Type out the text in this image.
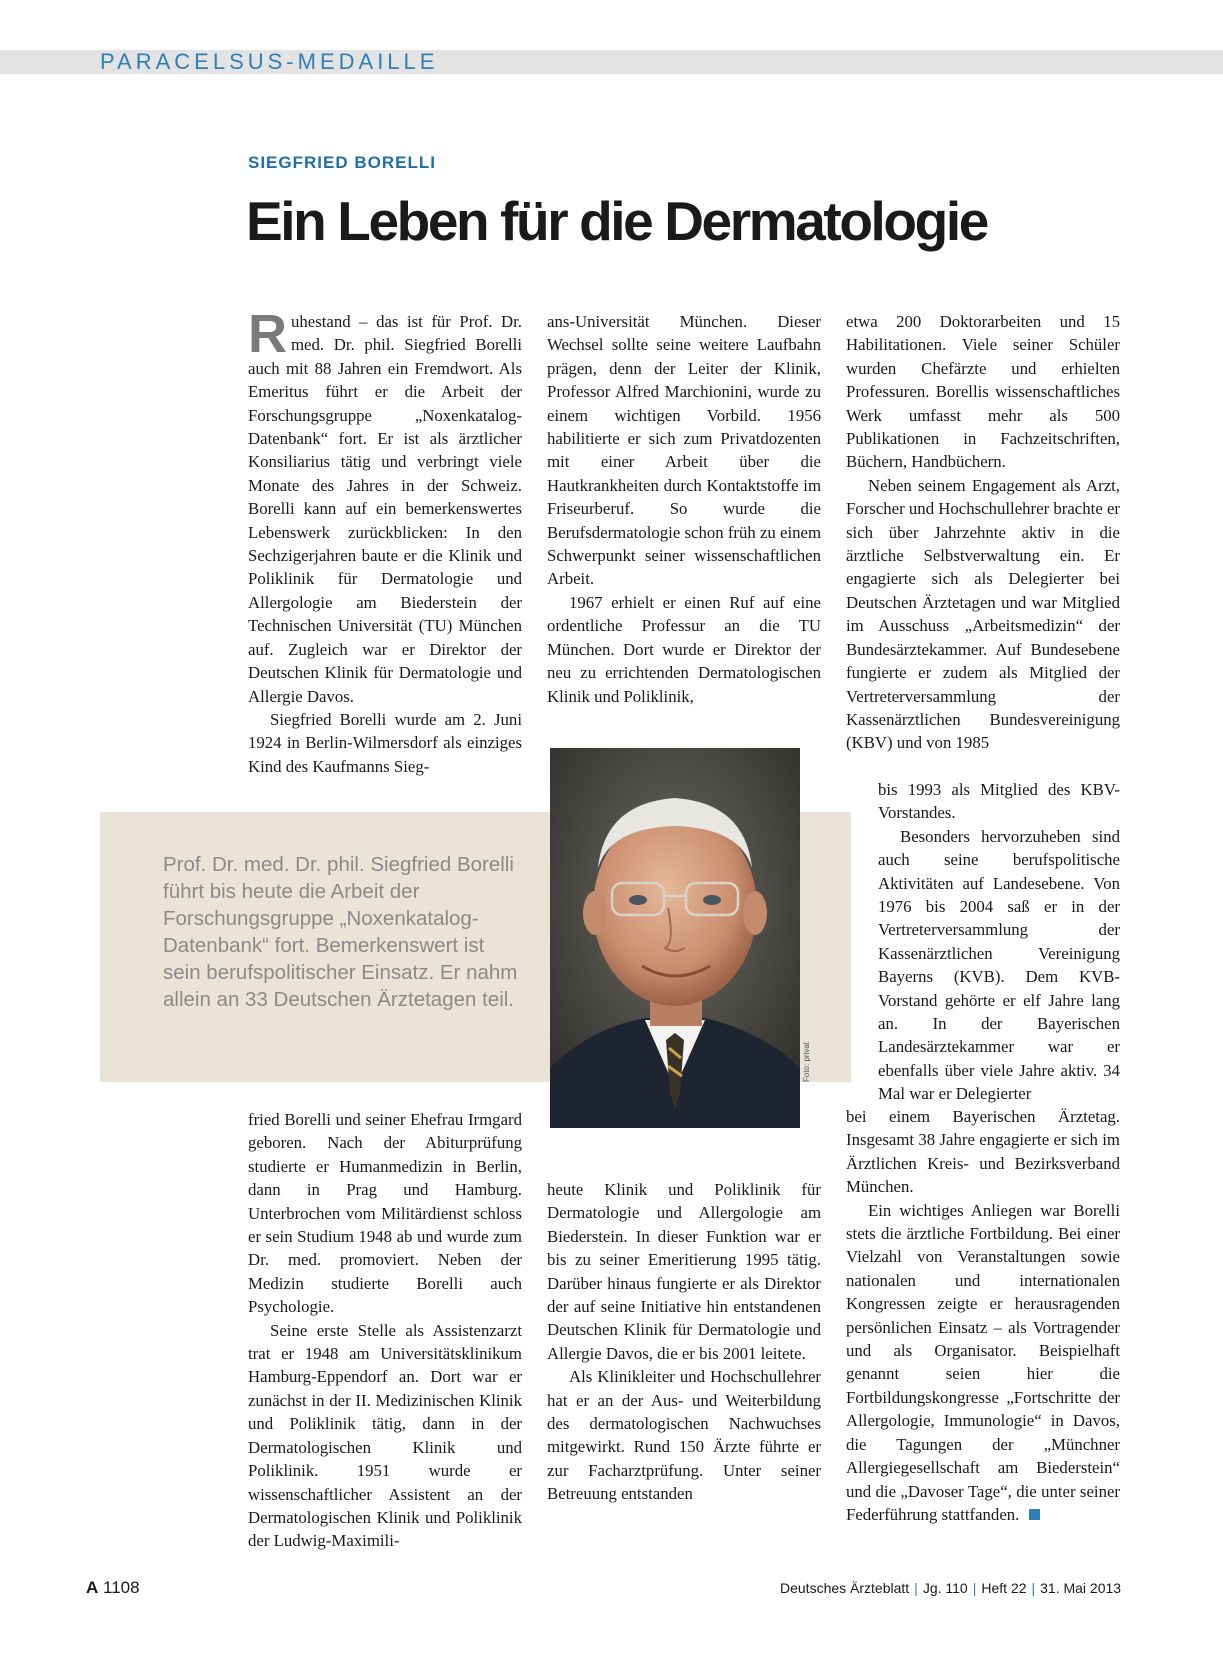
PARACELSUS-MEDAILLE
SIEGFRIED BORELLI
Ein Leben für die Dermatologie

Ruhestand – das ist für Prof. Dr. med. Dr. phil. Siegfried Borelli auch mit 88 Jahren ein Fremdwort. Als Emeritus führt er die Arbeit der Forschungsgruppe „Noxenkatalog-Datenbank“ fort. Er ist als ärztlicher Konsiliarius tätig und verbringt viele Monate des Jahres in der Schweiz. Borelli kann auf ein bemerkenswertes Lebenswerk zurückblicken: In den Sechzigerjahren baute er die Klinik und Poliklinik für Dermatologie und Allergologie am Biederstein der Technischen Universität (TU) München auf. Zugleich war er Direktor der Deutschen Klinik für Dermatologie und Allergie Davos.

Siegfried Borelli wurde am 2. Juni 1924 in Berlin-Wilmersdorf als einziges Kind des Kaufmanns Sieg-

Prof. Dr. med. Dr. phil. Siegfried Borelli führt bis heute die Arbeit der Forschungsgruppe „Noxenkatalog-Datenbank“ fort. Bemerkenswert ist sein berufspolitischer Einsatz. Er nahm allein an 33 Deutschen Ärztetagen teil.
Foto: privat

fried Borelli und seiner Ehefrau Irmgard geboren. Nach der Abiturprüfung studierte er Humanmedizin in Berlin, dann in Prag und Hamburg. Unterbrochen vom Militärdienst schloss er sein Studium 1948 ab und wurde zum Dr. med. promoviert. Neben der Medizin studierte Borelli auch Psychologie.

Seine erste Stelle als Assistenzarzt trat er 1948 am Universitätsklinikum Hamburg-Eppendorf an. Dort war er zunächst in der II. Medizinischen Klinik und Poliklinik tätig, dann in der Dermatologischen Klinik und Poliklinik. 1951 wurde er wissenschaftlicher Assistent an der Dermatologischen Klinik und Poliklinik der Ludwig-Maximili-

ans-Universität München. Dieser Wechsel sollte seine weitere Laufbahn prägen, denn der Leiter der Klinik, Professor Alfred Marchionini, wurde zu einem wichtigen Vorbild. 1956 habilitierte er sich zum Privatdozenten mit einer Arbeit über die Hautkrankheiten durch Kontaktstoffe im Friseurberuf. So wurde die Berufsdermatologie schon früh zu einem Schwerpunkt seiner wissenschaftlichen Arbeit.

1967 erhielt er einen Ruf auf eine ordentliche Professur an die TU München. Dort wurde er Direktor der neu zu errichtenden Dermatologischen Klinik und Poliklinik,

heute Klinik und Poliklinik für Dermatologie und Allergologie am Biederstein. In dieser Funktion war er bis zu seiner Emeritierung 1995 tätig. Darüber hinaus fungierte er als Direktor der auf seine Initiative hin entstandenen Deutschen Klinik für Dermatologie und Allergie Davos, die er bis 2001 leitete.

Als Klinikleiter und Hochschullehrer hat er an der Aus- und Weiterbildung des dermatologischen Nachwuchses mitgewirkt. Rund 150 Ärzte führte er zur Facharztprüfung. Unter seiner Betreuung entstanden

etwa 200 Doktorarbeiten und 15 Habilitationen. Viele seiner Schüler wurden Chefärzte und erhielten Professuren. Borellis wissenschaftliches Werk umfasst mehr als 500 Publikationen in Fachzeitschriften, Büchern, Handbüchern.

Neben seinem Engagement als Arzt, Forscher und Hochschullehrer brachte er sich über Jahrzehnte aktiv in die ärztliche Selbstverwaltung ein. Er engagierte sich als Delegierter bei Deutschen Ärztetagen und war Mitglied im Ausschuss „Arbeitsmedizin“ der Bundesärztekammer. Auf Bundesebene fungierte er zudem als Mitglied der Vertreterversammlung der Kassenärztlichen Bundesvereinigung (KBV) und von 1985

bis 1993 als Mitglied des KBV-Vorstandes.

Besonders hervorzuheben sind auch seine berufspolitische Aktivitäten auf Landesebene. Von 1976 bis 2004 saß er in der Vertreterversammlung der Kassenärztlichen Vereinigung Bayerns (KVB). Dem KVB-Vorstand gehörte er elf Jahre lang an. In der Bayerischen Landesärztekammer war er ebenfalls über viele Jahre aktiv. 34 Mal war er Delegierter

bei einem Bayerischen Ärztetag. Insgesamt 38 Jahre engagierte er sich im Ärztlichen Kreis- und Bezirksverband München.

Ein wichtiges Anliegen war Borelli stets die ärztliche Fortbildung. Bei einer Vielzahl von Veranstaltungen sowie nationalen und internationalen Kongressen zeigte er herausragenden persönlichen Einsatz – als Vortragender und als Organisator. Beispielhaft genannt seien hier die Fortbildungskongresse „Fortschritte der Allergologie, Immunologie“ in Davos, die Tagungen der „Münchner Allergiegesellschaft am Biederstein“ und die „Davoser Tage“, die unter seiner Federführung stattfanden.

A 1108	Deutsches Ärzteblatt | Jg. 110 | Heft 22 | 31. Mai 2013
